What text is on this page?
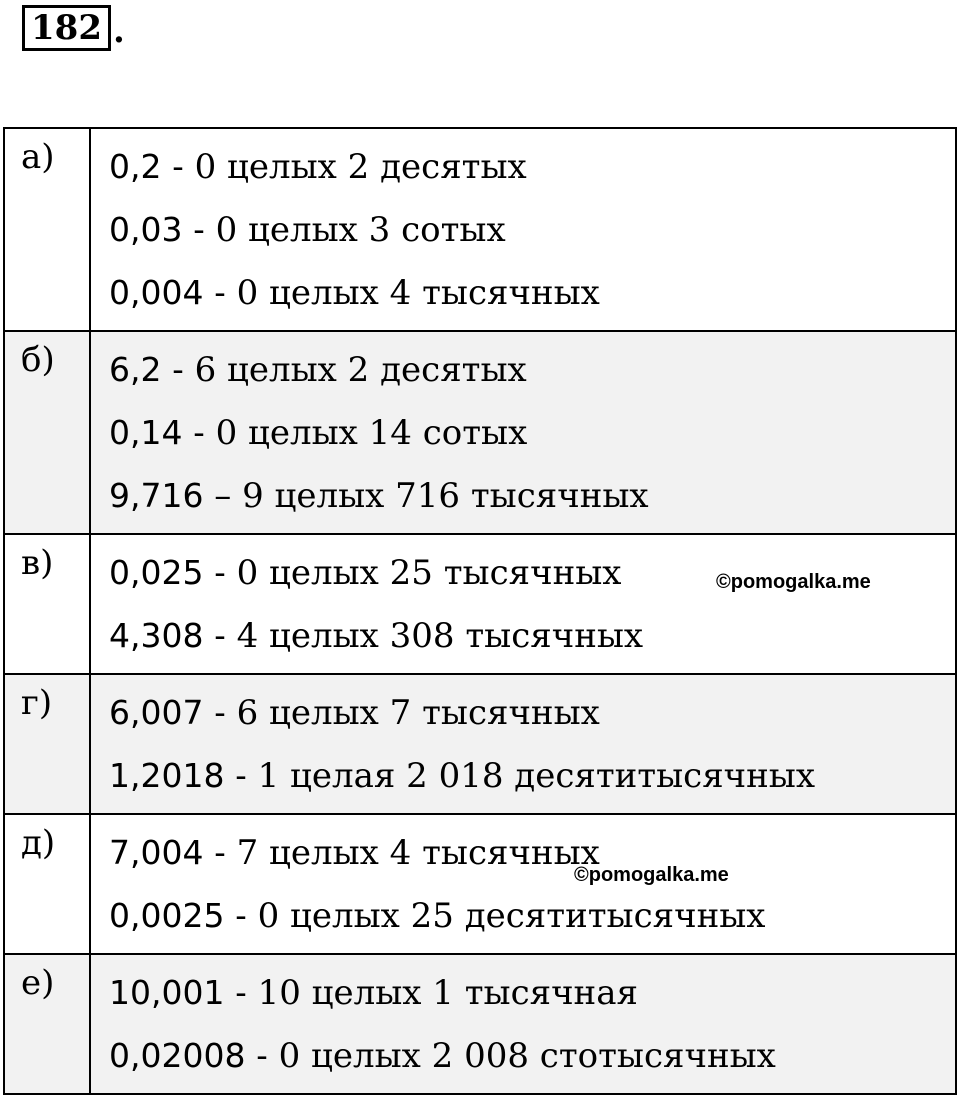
182 .
а)	0,2 - 0 целых 2 десятых
0,03 - 0 целых 3 сотых
0,004 - 0 целых 4 тысячных

б)	6,2 - 6 целых 2 десятых
0,14 - 0 целых 14 сотых
9,716 – 9 целых 716 тысячных

в)	0,025 - 0 целых 25 тысячных
4,308 - 4 целых 308 тысячных
©pomogalka.me

г)	6,007 - 6 целых 7 тысячных
1,2018 - 1 целая 2 018 десятитысячных

д)	7,004 - 7 целых 4 тысячных
0,0025 - 0 целых 25 десятитысячных
©pomogalka.me

е)	10,001 - 10 целых 1 тысячная
0,02008 - 0 целых 2 008 стотысячных
